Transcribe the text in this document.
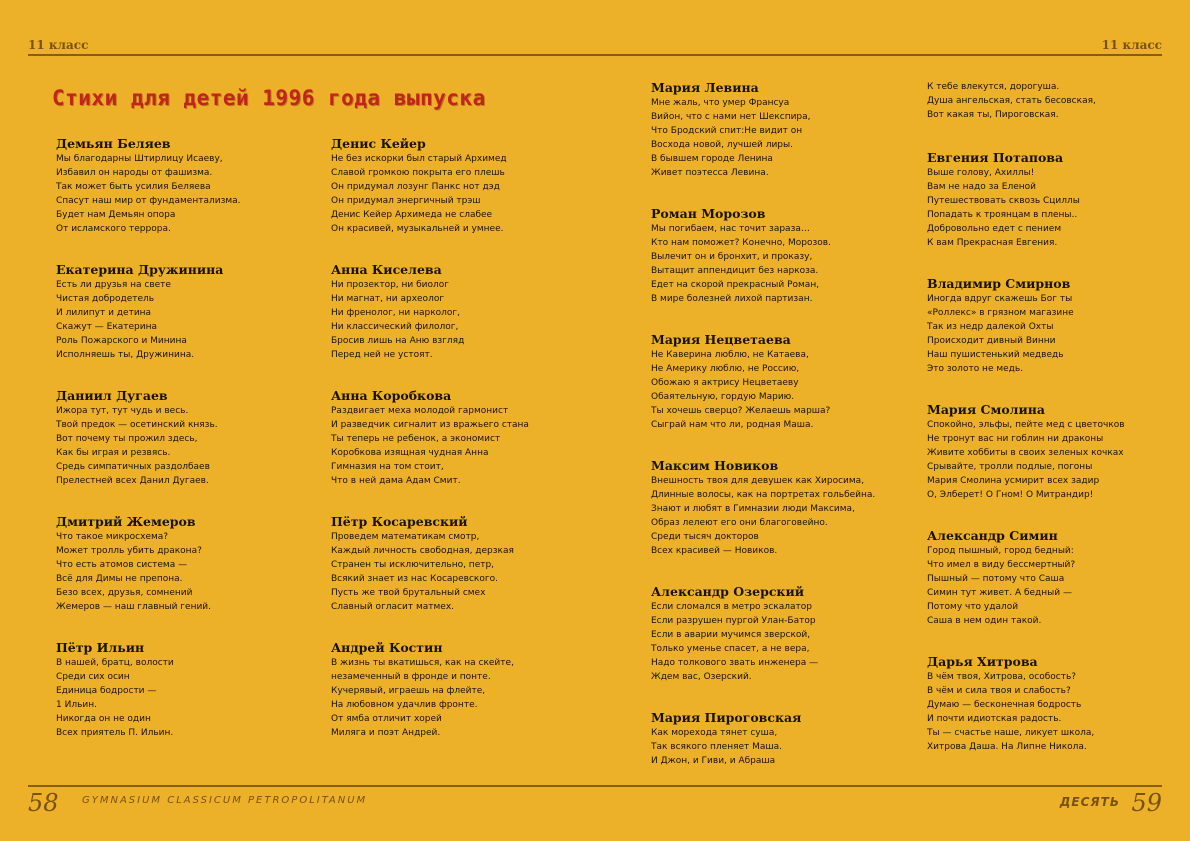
11 класс	11 класс
Стихи для детей 1996 года выпуска
Демьян Беляев
Мы благодарны Штирлицу Исаеву,
Избавил он народы от фашизма.
Так может быть усилия Беляева
Спасут наш мир от фундаментализма.
Будет нам Демьян опора
От исламского террора.
Екатерина Дружинина
Есть ли друзья на свете
Чистая добродетель
И лилипут и детина
Скажут — Екатерина
Роль Пожарского и Минина
Исполняешь ты, Дружинина.
Даниил Дугаев
Ижора тут, тут чудь и весь.
Твой предок — осетинский князь.
Вот почему ты прожил здесь,
Как бы играя и резвясь.
Средь симпатичных раздолбаев
Прелестней всех Данил Дугаев.
Дмитрий Жемеров
Что такое микросхема?
Может тролль убить дракона?
Что есть атомов система —
Всё для Димы не препона.
Безо всех, друзья, сомнений
Жемеров — наш главный гений.
Пётр Ильин
В нашей, братц, волости
Среди сих осин
Единица бодрости —
1 Ильин.
Никогда он не один
Всех приятель П. Ильин.
Денис Кейер
Не без искорки был старый Архимед
Славой громкою покрыта его плешь
Он придумал лозунг Панкс нот дэд
Он придумал энергичный трэш
Денис Кейер Архимеда не слабее
Он красивей, музыкальней и умнее.
Анна Киселева
Ни прозектор, ни биолог
Ни магнат, ни археолог
Ни френолог, ни нарколог,
Ни классический филолог,
Бросив лишь на Аню взгляд
Перед ней не устоят.
Анна Коробкова
Раздвигает меха молодой гармонист
И разведчик сигналит из вражьего стана
Ты теперь не ребенок, а экономист
Коробкова изящная чудная Анна
Гимназия на том стоит,
Что в ней дама Адам Смит.
Пётр Косаревский
Проведем математикам смотр,
Каждый личность свободная, дерзкая
Странен ты исключительно, петр,
Всякий знает из нас Косаревского.
Пусть же твой брутальный смех
Славный огласит матмех.
Андрей Костин
В жизнь ты вкатишься, как на скейте,
незамеченный в фронде и понте.
Кучерявый, играешь на флейте,
На любовном удачлив фронте.
От ямба отличит хорей
Миляга и поэт Андрей.
Мария Левина
Мне жаль, что умер Франсуа
Вийон, что с нами нет Шекспира,
Что Бродский спит:Не видит он
Восхода новой, лучшей лиры.
В бывшем городе Ленина
Живет поэтесса Левина.
Роман Морозов
Мы погибаем, нас точит зараза…
Кто нам поможет? Конечно, Морозов.
Вылечит он и бронхит, и проказу,
Вытащит аппендицит без наркоза.
Едет на скорой прекрасный Роман,
В мире болезней лихой партизан.
Мария Нецветаева
Не Каверина люблю, не Катаева,
Не Америку люблю, не Россию,
Обожаю я актрису Нецветаеву
Обаятельную, гордую Марию.
Ты хочешь сверцо? Желаешь марша?
Сыграй нам что ли, родная Маша.
Максим Новиков
Внешность твоя для девушек как Хиросима,
Длинные волосы, как на портретах гольбейна.
Знают и любят в Гимназии люди Максима,
Образ лелеют его они благоговейно.
Среди тысяч докторов
Всех красивей — Новиков.
Александр Озерский
Если сломался в метро эскалатор
Если разрушен пургой Улан-Батор
Если в аварии мучимся зверской,
Только уменье спасет, а не вера,
Надо толкового звать инженера —
Ждем вас, Озерский.
Мария Пироговская
Как мореходa тянет суша,
Так всякого пленяет Маша.
И Джон, и Гиви, и Абраша
К тебе влекутся, дорогуша.
Душа ангельская, стать бесовская,
Вот какая ты, Пироговская.
Евгения Потапова
Выше голову, Ахиллы!
Вам не надо за Еленой
Путешествовать сквозь Сциллы
Попадать к троянцам в плены..
Добровольно едет с пением
К вам Прекрасная Евгения.
Владимир Смирнов
Иногда вдруг скажешь Бог ты
«Роллекс» в грязном магазине
Так из недр далекой Охты
Происходит дивный Винни
Наш пушистенький медведь
Это золото не медь.
Мария Смолина
Спокойно, эльфы, пейте мед с цветочков
Не тронут вас ни гоблин ни драконы
Живите хоббиты в своих зеленых кочках
Срывайте, тролли подлые, погоны
Мария Смолина усмирит всех задир
О, Элберет! О Гном! О Митрандир!
Александр Симин
Город пышный, город бедный:
Что имел в виду бессмертный?
Пышный — потому что Саша
Симин тут живет. А бедный —
Потому что удалой
Саша в нем один такой.
Дарья Хитрова
В чём твоя, Хитрова, особость?
В чём и сила твоя и слабость?
Думаю — бесконечная бодрость
И почти идиотская радость.
Ты — счастье наше, ликует школа,
Хитрова Даша. На Липне Никола.
58 GYMNASIUM CLASSICUM PETROPOLITANUM	ДЕСЯТЬ 59
